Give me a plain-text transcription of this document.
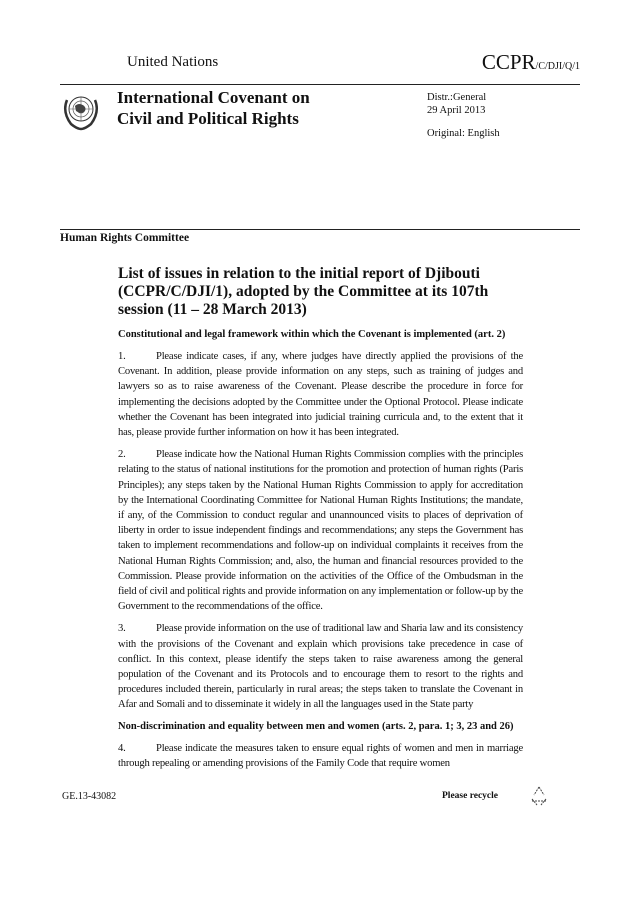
United Nations	CCPR/C/DJI/Q/1
International Covenant on
Civil and Political Rights
Distr.:General
29 April 2013
Original: English
Human Rights Committee
List of issues in relation to the initial report of Djibouti (CCPR/C/DJI/1), adopted by the Committee at its 107th session (11 – 28 March 2013)
Constitutional and legal framework within which the Covenant is implemented (art. 2)
1.	Please indicate cases, if any, where judges have directly applied the provisions of the Covenant. In addition, please provide information on any steps, such as training of judges and lawyers so as to raise awareness of the Covenant. Please describe the procedure in force for implementing the decisions adopted by the Committee under the Optional Protocol. Please indicate whether the Covenant has been integrated into judicial training curricula and, to the extent that it has, please provide further information on how it has been integrated.
2.	Please indicate how the National Human Rights Commission complies with the principles relating to the status of national institutions for the promotion and protection of human rights (Paris Principles); any steps taken by the National Human Rights Commission to apply for accreditation by the International Coordinating Committee for National Human Rights Institutions; the mandate, if any, of the Commission to conduct regular and unannounced visits to places of deprivation of liberty in order to issue independent findings and recommendations; any steps the Government has taken to implement recommendations and follow-up on individual complaints it receives from the National Human Rights Commission; and, also, the human and financial resources provided to the Commission. Please provide information on the activities of the Office of the Ombudsman in the field of civil and political rights and provide information on any implementation or follow-up by the Government to the recommendations of the office.
3.	Please provide information on the use of traditional law and Sharia law and its consistency with the provisions of the Covenant and explain which provisions take precedence in case of conflict. In this context, please identify the steps taken to raise awareness among the general population of the Covenant and its Protocols and to encourage them to resort to the rights and procedures included therein, particularly in rural areas; the steps taken to translate the Covenant in Afar and Somali and to disseminate it widely in all the languages used in the State party
Non-discrimination and equality between men and women (arts. 2, para. 1; 3, 23 and 26)
4.	Please indicate the measures taken to ensure equal rights of women and men in marriage through repealing or amending provisions of the Family Code that require women
GE.13-43082	Please recycle
